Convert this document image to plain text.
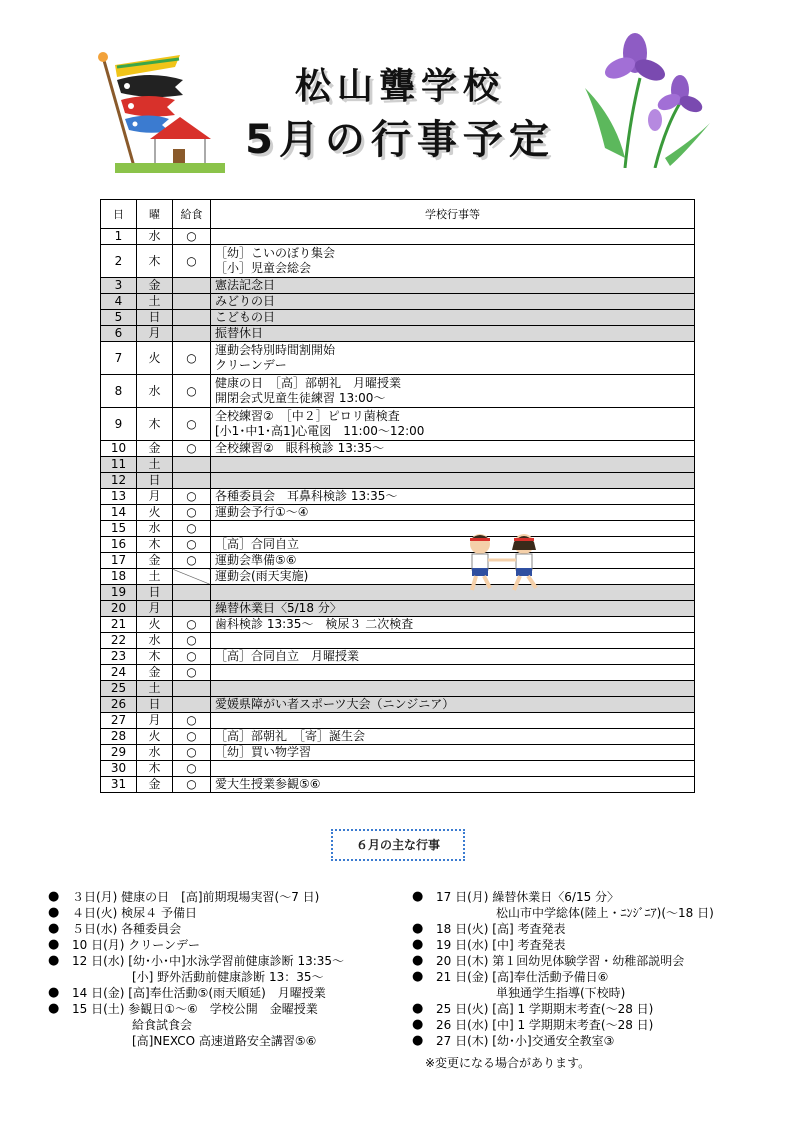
松山聾学校
5月の行事予定
日	曜	給食	学校行事等
1	水	○	
2	木	○	［幼］こいのぼり集会
［小］児童会総会
3	金		憲法記念日
4	土		みどりの日
5	日		こどもの日
6	月		振替休日
7	火	○	運動会特別時間割開始
クリーンデー
8	水	○	健康の日　［高］部朝礼　月曜授業
開閉会式児童生徒練習 13:00～
9	木	○	全校練習②　［中２］ピロリ菌検査
[小1･中1･高1]心電図　11:00～12:00
10	金	○	全校練習②　眼科検診 13:35～
11	土		
12	日		
13	月	○	各種委員会　耳鼻科検診 13:35～
14	火	○	運動会予行①～④
15	水	○	
16	木	○	［高］合同自立
17	金	○	運動会準備⑤⑥
18	土		運動会(雨天実施)
19	日		
20	月		繰替休業日〈5/18 分〉
21	火	○	歯科検診 13:35～　検尿３ 二次検査
22	水	○	
23	木	○	［高］合同自立　月曜授業
24	金	○	
25	土		
26	日		愛媛県障がい者スポーツ大会（ニンジニア）
27	月	○	
28	火	○	［高］部朝礼　［寄］誕生会
29	水	○	［幼］買い物学習
30	木	○	
31	金	○	愛大生授業参観⑤⑥
６月の主な行事
● ３日(月) 健康の日　[高]前期現場実習(～7 日)
● ４日(火) 検尿４ 予備日
● ５日(水) 各種委員会
● 10 日(月) クリーンデー
● 12 日(水) [幼･小･中]水泳学習前健康診断 13:35～
　　　　　[小] 野外活動前健康診断 13：35～
● 14 日(金) [高]奉仕活動⑤(雨天順延)　月曜授業
● 15 日(土) 参観日①～⑥　学校公開　金曜授業
　　　　　給食試食会
　　　　　[高]NEXCO 高速道路安全講習⑤⑥
● 17 日(月) 繰替休業日〈6/15 分〉
　　　　　松山市中学総体(陸上・ﾆﾝｼﾞﾆｱ)(～18 日)
● 18 日(火) [高] 考査発表
● 19 日(水) [中] 考査発表
● 20 日(木) 第１回幼児体験学習・幼稚部説明会
● 21 日(金) [高]奉仕活動予備日⑥
　　　　　単独通学生指導(下校時)
● 25 日(火) [高] 1 学期期末考査(～28 日)
● 26 日(水) [中] 1 学期期末考査(～28 日)
● 27 日(木) [幼･小]交通安全教室③
※変更になる場合があります。
